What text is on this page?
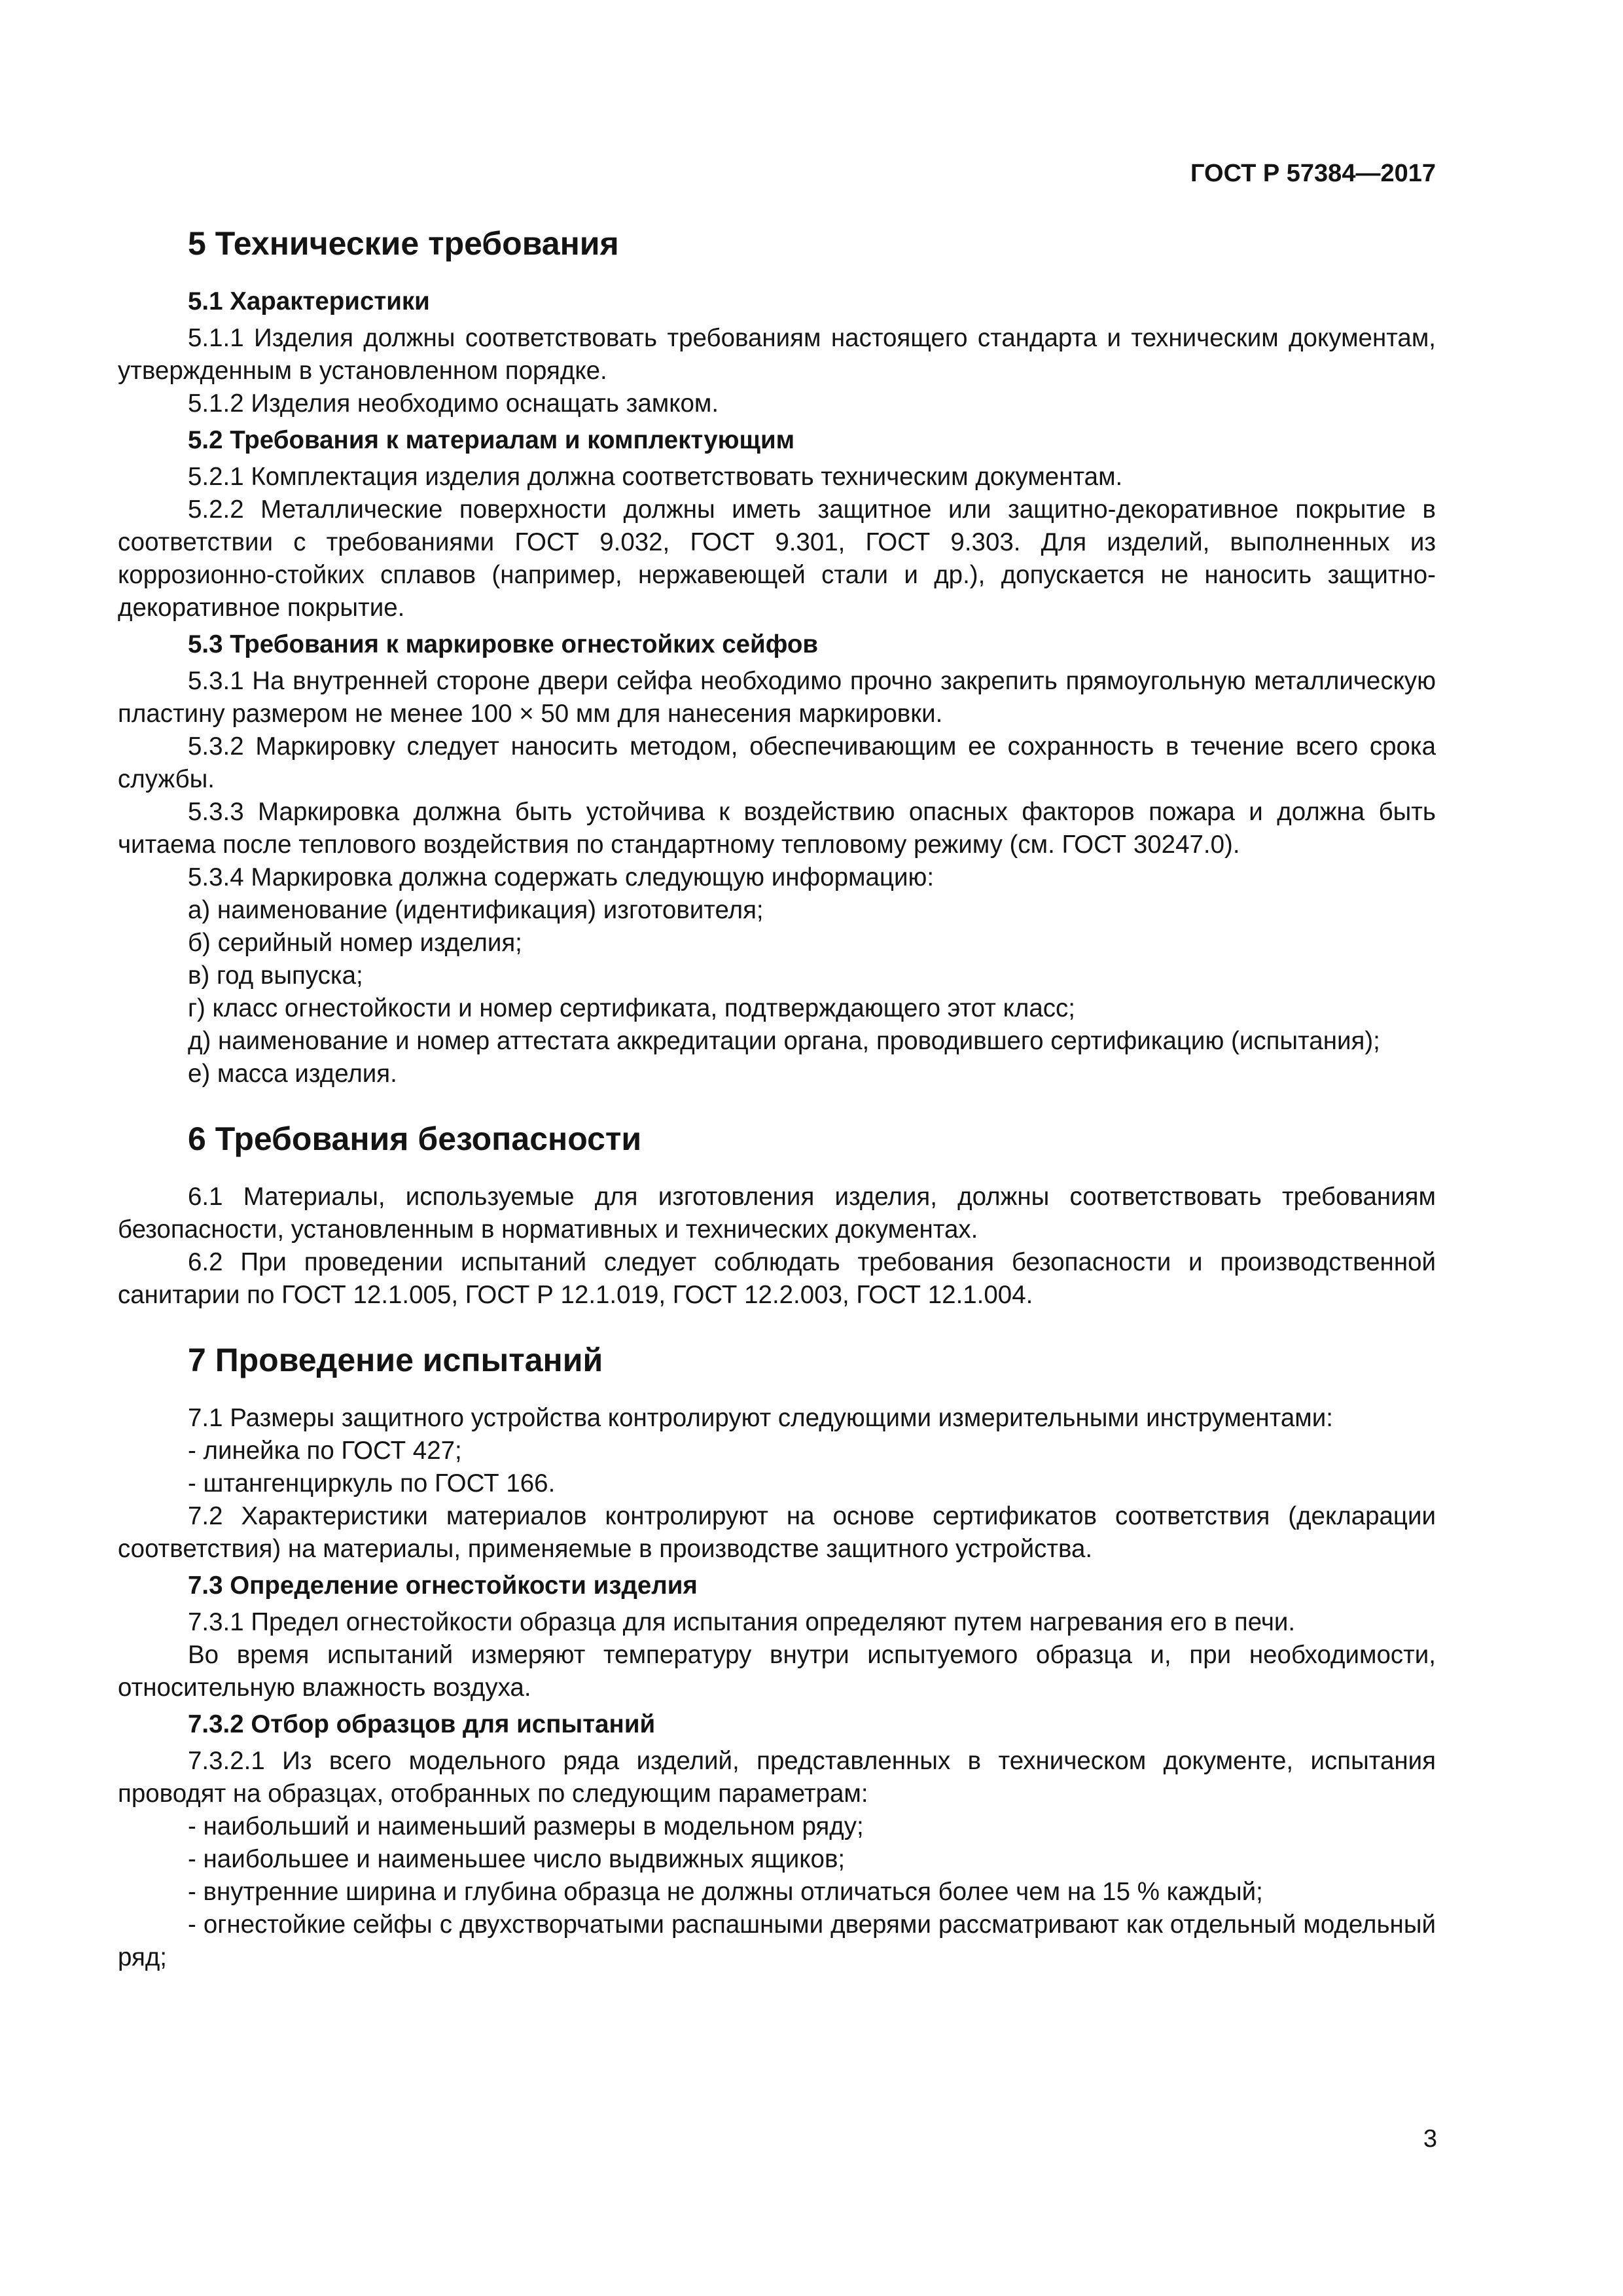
ГОСТ Р 57384—2017
5 Технические требования
5.1 Характеристики

5.1.1 Изделия должны соответствовать требованиям настоящего стандарта и техническим документам, утвержденным в установленном порядке.

5.1.2 Изделия необходимо оснащать замком.

5.2 Требования к материалам и комплектующим

5.2.1 Комплектация изделия должна соответствовать техническим документам.

5.2.2 Металлические поверхности должны иметь защитное или защитно-декоративное покрытие в соответствии с требованиями ГОСТ 9.032, ГОСТ 9.301, ГОСТ 9.303. Для изделий, выполненных из коррозионно-стойких сплавов (например, нержавеющей стали и др.), допускается не наносить защитно-декоративное покрытие.

5.3 Требования к маркировке огнестойких сейфов

5.3.1 На внутренней стороне двери сейфа необходимо прочно закрепить прямоугольную металлическую пластину размером не менее 100 × 50 мм для нанесения маркировки.

5.3.2 Маркировку следует наносить методом, обеспечивающим ее сохранность в течение всего срока службы.

5.3.3 Маркировка должна быть устойчива к воздействию опасных факторов пожара и должна быть читаема после теплового воздействия по стандартному тепловому режиму (см. ГОСТ 30247.0).

5.3.4 Маркировка должна содержать следующую информацию:

а) наименование (идентификация) изготовителя;

б) серийный номер изделия;

в) год выпуска;

г) класс огнестойкости и номер сертификата, подтверждающего этот класс;

д) наименование и номер аттестата аккредитации органа, проводившего сертификацию (испытания);

е) масса изделия.

6 Требования безопасности

6.1 Материалы, используемые для изготовления изделия, должны соответствовать требованиям безопасности, установленным в нормативных и технических документах.

6.2 При проведении испытаний следует соблюдать требования безопасности и производственной санитарии по ГОСТ 12.1.005, ГОСТ Р 12.1.019, ГОСТ 12.2.003, ГОСТ 12.1.004.

7 Проведение испытаний

7.1 Размеры защитного устройства контролируют следующими измерительными инструментами:

- линейка по ГОСТ 427;

- штангенциркуль по ГОСТ 166.

7.2 Характеристики материалов контролируют на основе сертификатов соответствия (декларации соответствия) на материалы, применяемые в производстве защитного устройства.

7.3 Определение огнестойкости изделия

7.3.1 Предел огнестойкости образца для испытания определяют путем нагревания его в печи.

Во время испытаний измеряют температуру внутри испытуемого образца и, при необходимости, относительную влажность воздуха.

7.3.2 Отбор образцов для испытаний

7.3.2.1 Из всего модельного ряда изделий, представленных в техническом документе, испытания проводят на образцах, отобранных по следующим параметрам:

- наибольший и наименьший размеры в модельном ряду;

- наибольшее и наименьшее число выдвижных ящиков;

- внутренние ширина и глубина образца не должны отличаться более чем на 15 % каждый;

- огнестойкие сейфы с двухстворчатыми распашными дверями рассматривают как отдельный модельный ряд;

3
